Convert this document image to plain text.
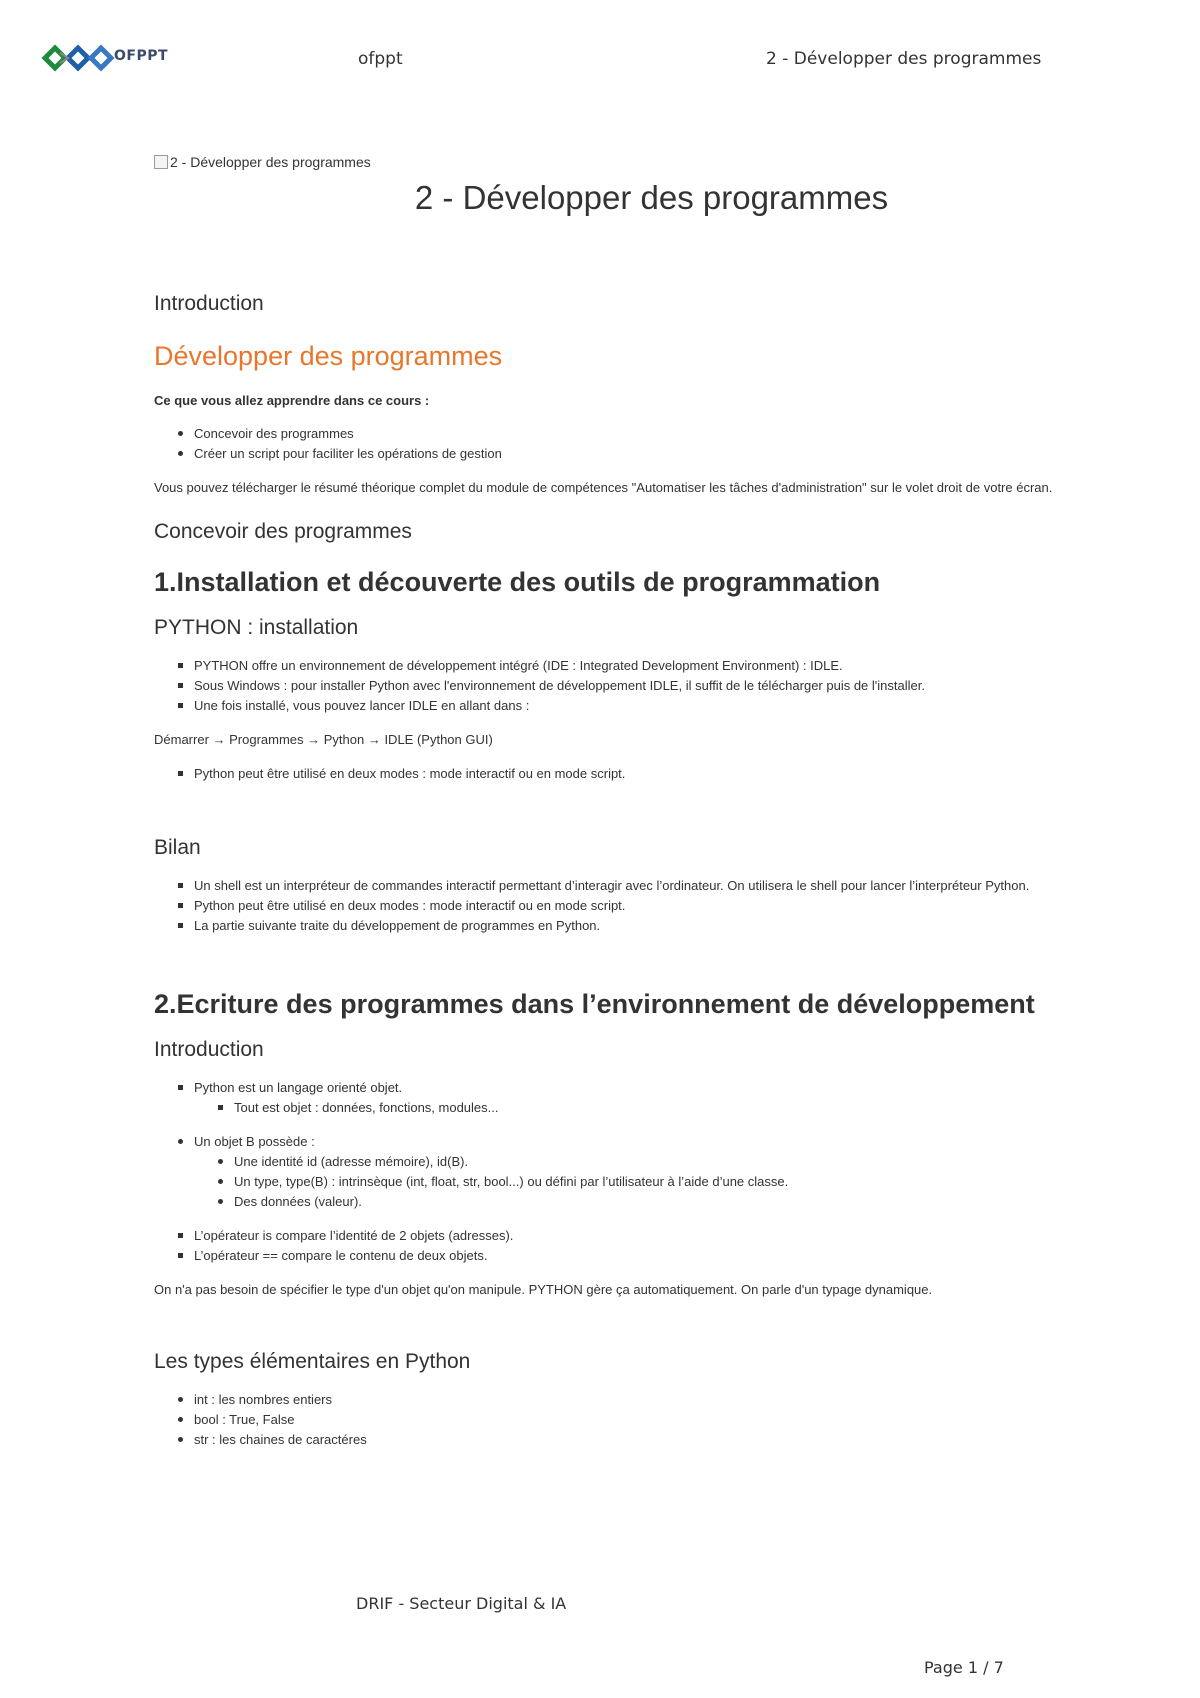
OFPPT	ofppt	2 - Développer des programmes
2 - Développer des programmes
2 - Développer des programmes
Introduction
Développer des programmes

Ce que vous allez apprendre dans ce cours :

Concevoir des programmes
Créer un script pour faciliter les opérations de gestion

Vous pouvez télécharger le résumé théorique complet du module de compétences "Automatiser les tâches d'administration" sur le volet droit de votre écran.

Concevoir des programmes
1.Installation et découverte des outils de programmation
PYTHON : installation
PYTHON offre un environnement de développement intégré (IDE : Integrated Development Environment) : IDLE.
Sous Windows : pour installer Python avec l'environnement de développement IDLE, il suffit de le télécharger puis de l'installer.
Une fois installé, vous pouvez lancer IDLE en allant dans :

Démarrer → Programmes → Python → IDLE (Python GUI)

Python peut être utilisé en deux modes : mode interactif ou en mode script.
Bilan
Un shell est un interpréteur de commandes interactif permettant d’interagir avec l’ordinateur. On utilisera le shell pour lancer l’interpréteur Python.
Python peut être utilisé en deux modes : mode interactif ou en mode script.
La partie suivante traite du développement de programmes en Python.
2.Ecriture des programmes dans l’environnement de développement
Introduction
Python est un langage orienté objet.
Tout est objet : données, fonctions, modules...
Un objet B possède :
Une identité id (adresse mémoire), id(B).
Un type, type(B) : intrinsèque (int, float, str, bool...) ou défini par l’utilisateur à l’aide d’une classe.
Des données (valeur).
L’opérateur is compare l’identité de 2 objets (adresses).
L’opérateur == compare le contenu de deux objets.

On n'a pas besoin de spécifier le type d'un objet qu'on manipule. PYTHON gère ça automatiquement. On parle d'un typage dynamique.

Les types élémentaires en Python
int : les nombres entiers
bool : True, False
str : les chaines de caractéres
DRIF - Secteur Digital & IA
Page 1 / 7
